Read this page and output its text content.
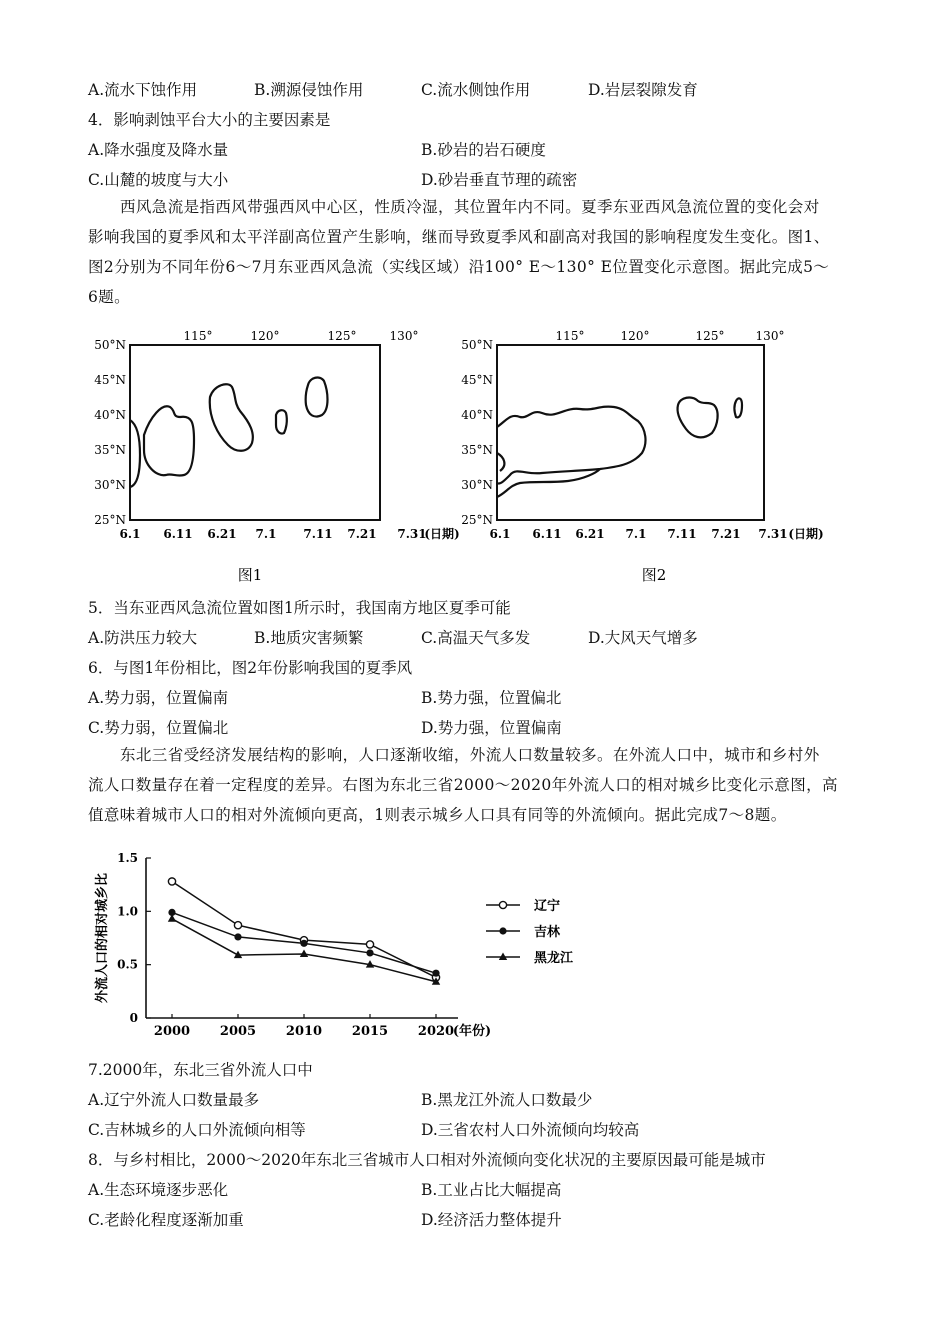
A.流水下蚀作用	B.溯源侵蚀作用	C.流水侧蚀作用	D.岩层裂隙发育
4．影响剥蚀平台大小的主要因素是
A.降水强度及降水量	B.砂岩的岩石硬度
C.山麓的坡度与大小	D.砂岩垂直节理的疏密
西风急流是指西风带强西风中心区，性质冷湿，其位置年内不同。夏季东亚西风急流位置的变化会对
影响我国的夏季风和太平洋副高位置产生影响，继而导致夏季风和副高对我国的影响程度发生变化。图1、
图2分别为不同年份6～7月东亚西风急流（实线区域）沿100° E～130° E位置变化示意图。据此完成5～
6题。
50°N
45°N
40°N
35°N
30°N
25°N
115°	120°	125°	130°
6.1 6.11 6.21 7.1 7.11 7.21 7.31
(日期)
图1
50°N
45°N
40°N
35°N
30°N
25°N
115°	120°	125°	130°
6.1 6.11 6.21 7.1 7.11 7.21 7.31 (日期)
图2
5．当东亚西风急流位置如图1所示时，我国南方地区夏季可能
A.防洪压力较大	B.地质灾害频繁	C.高温天气多发	D.大风天气增多
6．与图1年份相比，图2年份影响我国的夏季风
A.势力弱，位置偏南	B.势力强，位置偏北
C.势力弱，位置偏北	D.势力强，位置偏南
东北三省受经济发展结构的影响，人口逐渐收缩，外流人口数量较多。在外流人口中，城市和乡村外
流人口数量存在着一定程度的差异。右图为东北三省2000～2020年外流人口的相对城乡比变化示意图，高
值意味着城市人口的相对外流倾向更高，1则表示城乡人口具有同等的外流倾向。据此完成7～8题。
0
0.5
1.0
1.5
2000 2005 2010 2015 2020
(年份)
外流人口的相对城乡比	辽宁
吉林
黑龙江
7.2000年，东北三省外流人口中
A.辽宁外流人口数量最多	B.黑龙江外流人口数最少
C.吉林城乡的人口外流倾向相等	D.三省农村人口外流倾向均较高
8．与乡村相比，2000～2020年东北三省城市人口相对外流倾向变化状况的主要原因最可能是城市
A.生态环境逐步恶化	B.工业占比大幅提高
C.老龄化程度逐渐加重	D.经济活力整体提升
